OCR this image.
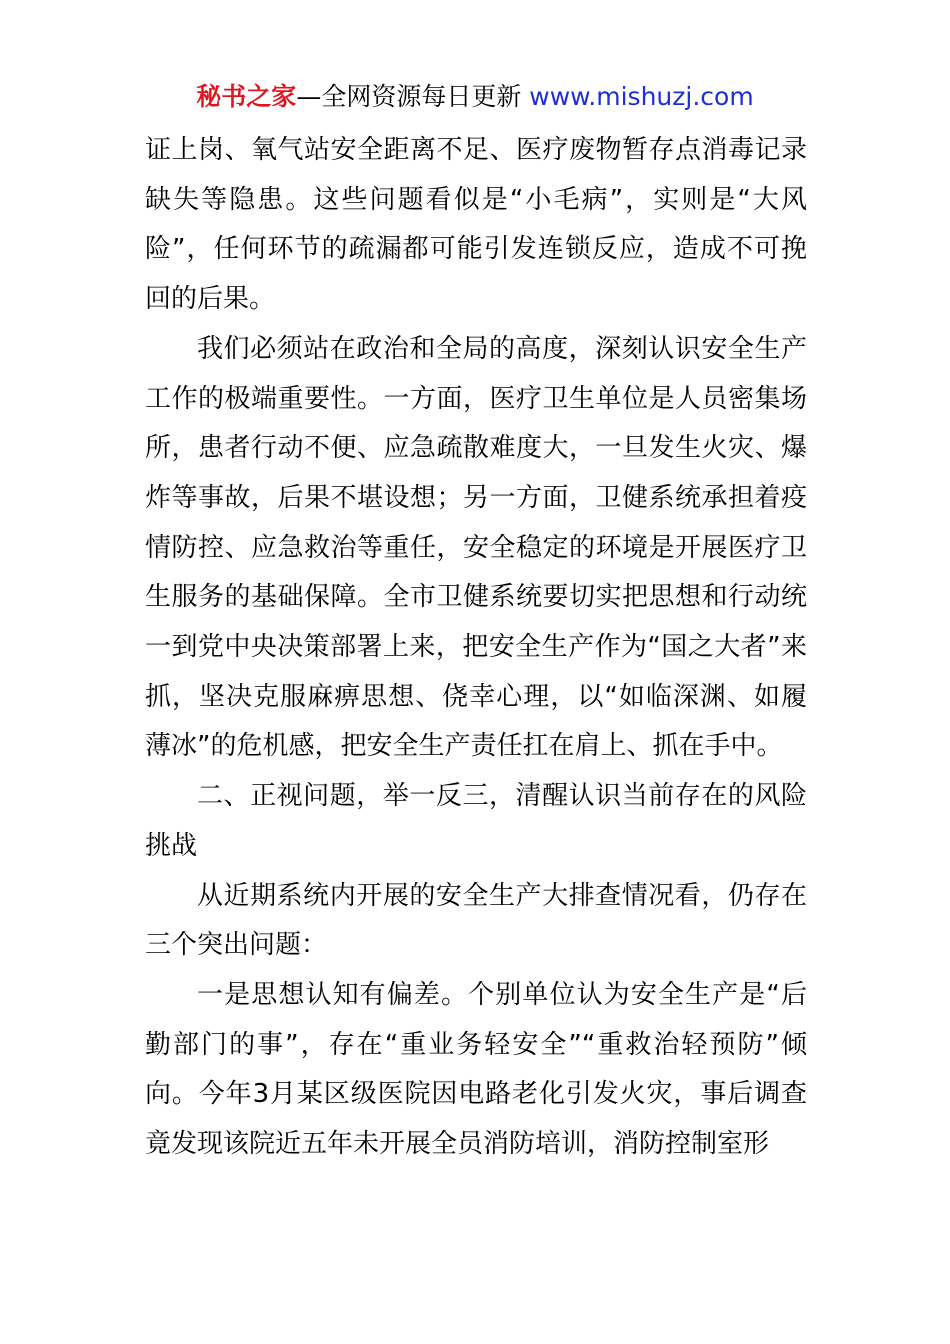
秘书之家—全网资源每日更新 www.mishuzj.com

证上岗、氧气站安全距离不足、医疗废物暂存点消毒记录缺失等隐患。这些问题看似是“小毛病”，实则是“大风险”，任何环节的疏漏都可能引发连锁反应，造成不可挽回的后果。

我们必须站在政治和全局的高度，深刻认识安全生产工作的极端重要性。一方面，医疗卫生单位是人员密集场所，患者行动不便、应急疏散难度大，一旦发生火灾、爆炸等事故，后果不堪设想；另一方面，卫健系统承担着疫情防控、应急救治等重任，安全稳定的环境是开展医疗卫生服务的基础保障。全市卫健系统要切实把思想和行动统一到党中央决策部署上来，把安全生产作为“国之大者”来抓，坚决克服麻痹思想、侥幸心理，以“如临深渊、如履薄冰”的危机感，把安全生产责任扛在肩上、抓在手中。

二、正视问题，举一反三，清醒认识当前存在的风险挑战

从近期系统内开展的安全生产大排查情况看，仍存在三个突出问题：

一是思想认知有偏差。个别单位认为安全生产是“后勤部门的事”，存在“重业务轻安全”“重救治轻预防”倾向。今年3月某区级医院因电路老化引发火灾，事后调查竟发现该院近五年未开展全员消防培训，消防控制室形
